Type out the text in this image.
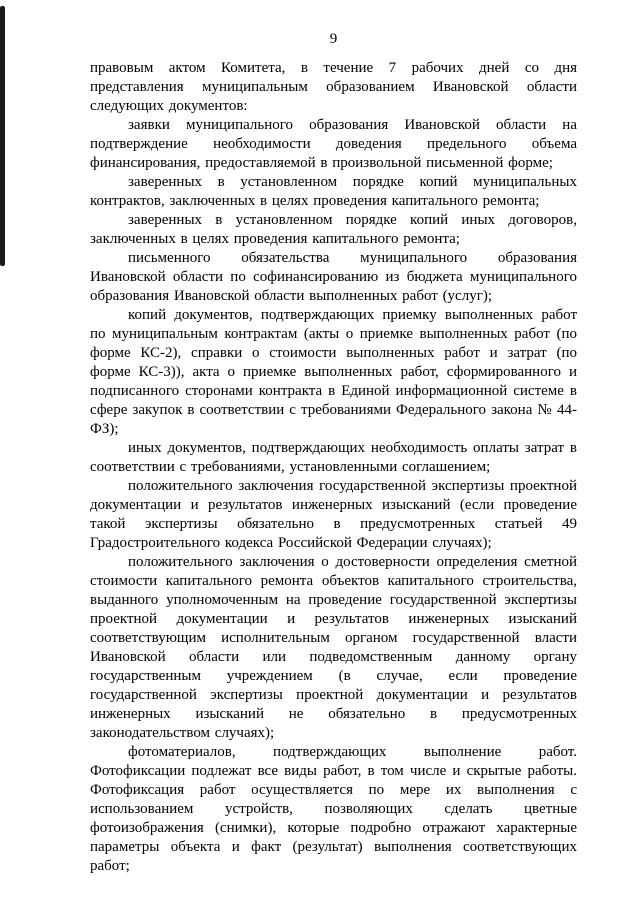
9

правовым актом Комитета, в течение 7 рабочих дней со дня представления муниципальным образованием Ивановской области следующих документов:

заявки муниципального образования Ивановской области на подтверждение необходимости доведения предельного объема финансирования, предоставляемой в произвольной письменной форме;

заверенных в установленном порядке копий муниципальных контрактов, заключенных в целях проведения капитального ремонта;

заверенных в установленном порядке копий иных договоров, заключенных в целях проведения капитального ремонта;

письменного обязательства муниципального образования Ивановской области по софинансированию из бюджета муниципального образования Ивановской области выполненных работ (услуг);

копий документов, подтверждающих приемку выполненных работ по муниципальным контрактам (акты о приемке выполненных работ (по форме КС-2), справки о стоимости выполненных работ и затрат (по форме КС-3)), акта о приемке выполненных работ, сформированного и подписанного сторонами контракта в Единой информационной системе в сфере закупок в соответствии с требованиями Федерального закона № 44-ФЗ);

иных документов, подтверждающих необходимость оплаты затрат в соответствии с требованиями, установленными соглашением;

положительного заключения государственной экспертизы проектной документации и результатов инженерных изысканий (если проведение такой экспертизы обязательно в предусмотренных статьей 49 Градостроительного кодекса Российской Федерации случаях);

положительного заключения о достоверности определения сметной стоимости капитального ремонта объектов капитального строительства, выданного уполномоченным на проведение государственной экспертизы проектной документации и результатов инженерных изысканий соответствующим исполнительным органом государственной власти Ивановской области или подведомственным данному органу государственным учреждением (в случае, если проведение государственной экспертизы проектной документации и результатов инженерных изысканий не обязательно в предусмотренных законодательством случаях);

фотоматериалов, подтверждающих выполнение работ. Фотофиксации подлежат все виды работ, в том числе и скрытые работы. Фотофиксация работ осуществляется по мере их выполнения с использованием устройств, позволяющих сделать цветные фотоизображения (снимки), которые подробно отражают характерные параметры объекта и факт (результат) выполнения соответствующих работ;
